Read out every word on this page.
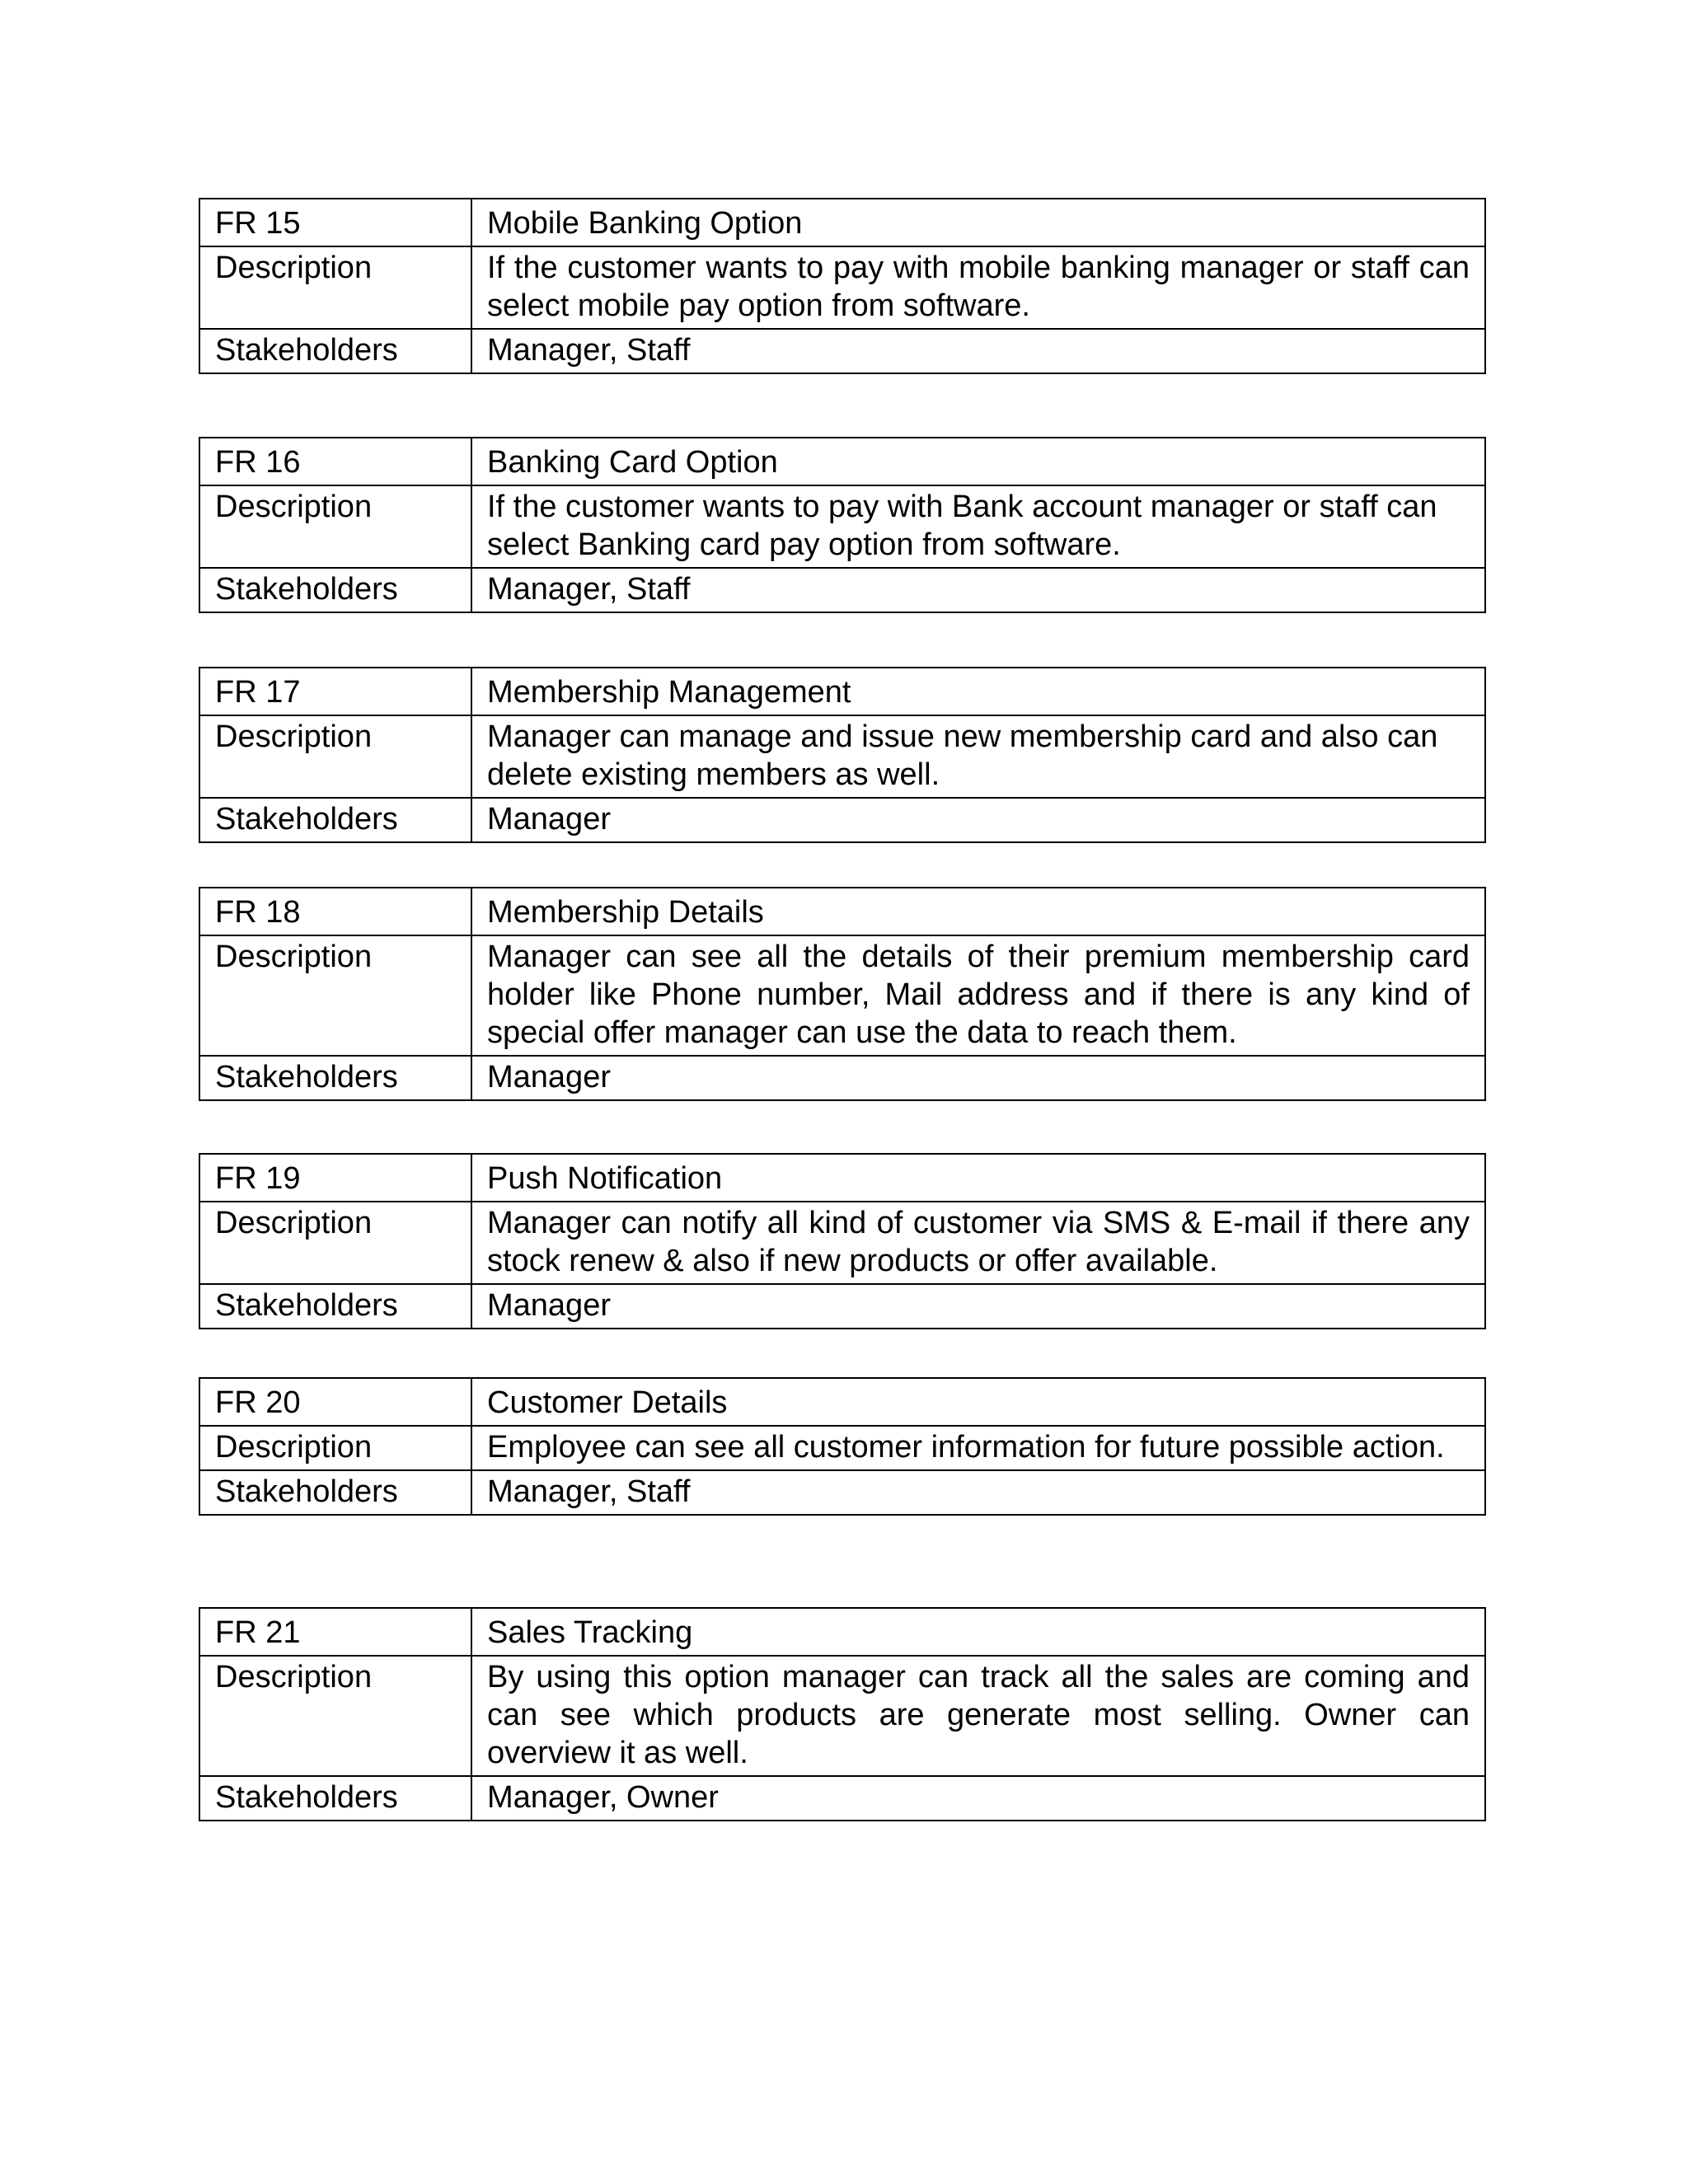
FR 15	Mobile Banking Option
Description	If the customer wants to pay with mobile banking manager or staff can select mobile pay option from software.
Stakeholders	Manager, Staff
FR 16	Banking Card Option
Description	If the customer wants to pay with Bank account manager or staff can select Banking card pay option from software.
Stakeholders	Manager, Staff
FR 17	Membership Management
Description	Manager can manage and issue new membership card and also can delete existing members as well.
Stakeholders	Manager
FR 18	Membership Details
Description	Manager can see all the details of their premium membership card holder like Phone number, Mail address and if there is any kind of special offer manager can use the data to reach them.
Stakeholders	Manager
FR 19	Push Notification
Description	Manager can notify all kind of customer via SMS & E-mail if there any stock renew & also if new products or offer available.
Stakeholders	Manager
FR 20	Customer Details
Description	Employee can see all customer information for future possible action.
Stakeholders	Manager, Staff
FR 21	Sales Tracking
Description	By using this option manager can track all the sales are coming and can see which products are generate most selling. Owner can overview it as well.
Stakeholders	Manager, Owner
